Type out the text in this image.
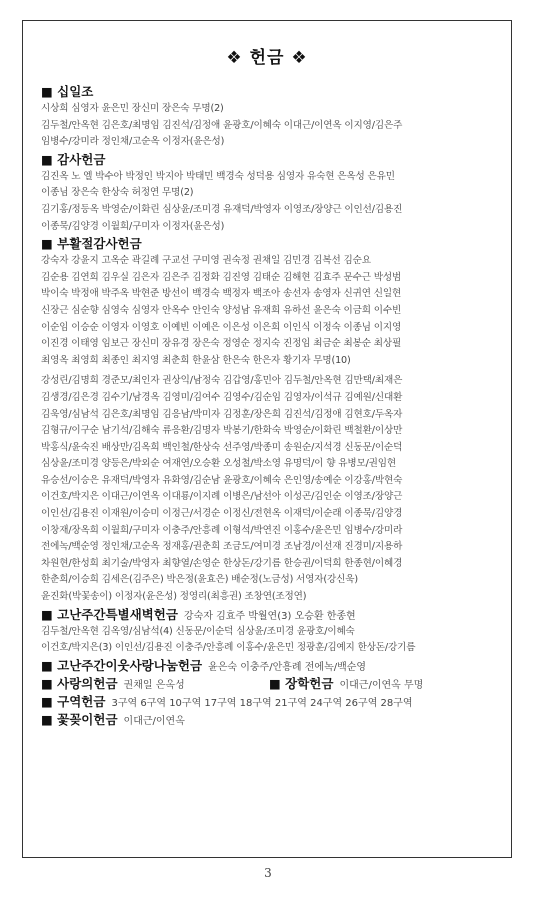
❖ 헌금 ❖
■ 십일조
시상희 심영자 윤은민 장신미 장은숙 무명(2)
김두철/안옥현 김은호/최명임 김진석/김정애 윤광호/이혜숙 이대근/이연옥 이지영/김은주
임병수/강미라 정인채/고순옥 이정자(윤은성)
■ 감사헌금
김진옥 노 엘 박수아 박정인 박지아 박태민 백경숙 성덕용 심영자 유숙현 은옥성 은유민
이종님 장은숙 한상숙 허정연 무명(2)
김기홍/정등옥 박영순/이화린 심상윤/조미경 유재덕/박영자 이영조/장양근 이인선/김용진
이종묵/김양경 이월희/구미자 이정자(윤은성)
■ 부활절감사헌금
강숙자 강윤지 고옥순 곽길례 구교선 구미영 권숙정 권채일 김민경 김복선 김순요
김순용 김연희 김우실 김은자 김은주 김정화 김진영 김태순 김해현 김효주 문수근 박성범
박이숙 박정애 박주옥 박현준 방선이 백경숙 백정자 백조아 송선자 송영자 신귀연 신일현
신장근 심순향 심영숙 심영자 안옥수 안인숙 양성남 유재희 유하선 윤은숙 이금희 이수빈
이순임 이승순 이영자 이영호 이예빈 이예은 이은성 이은희 이인식 이정숙 이종님 이지영
이진경 이태영 임보근 장신미 장유경 장은숙 정영순 정지숙 진정임 최금순 최봉순 최상필
최영옥 최영희 최종인 최지영 최춘희 한윤삼 한은숙 한은자 황기자 무명(10)
강성린/김명희 경준모/최인자 권상익/남정숙 김갑영/홍민아 김두철/안옥현 김만택/최재은
김생경/김은경 김수기/남경옥 김영미/김여수 김영수/김순임 김영자/이석규 김예원/신대환
김욱영/심남석 김은호/최명임 김응남/박미자 김정훈/장은희 김진석/김정애 김현호/두옥자
김형규/이구순 남기석/김해숙 류응환/김명자 박봉기/한화숙 박영순/이화린 백철환/이상만
박홍식/윤숙진 배상만/김옥희 백인철/한상숙 선주영/박종미 송원순/지석경 신동문/이순덕
심상윤/조미경 양등은/박외순 여재연/오승환 오성철/박소영 유명덕/이 향 유병모/권임현
유승선/이승은 유재덕/박영자 유화영/김순남 윤광호/이혜숙 은인영/송예순 이강홍/박현숙
이건호/박지은 이대근/이연옥 이대룡/이지례 이병은/남선아 이성곤/김인순 이영조/장양근
이인선/김용진 이재원/이승미 이정근/서경순 이정신/전현옥 이재덕/이순래 이종묵/김양경
이창재/장옥희 이월희/구미자 이충주/안흥례 이형석/박연진 이홍수/윤은민 임병수/강미라
전에녹/백순영 정인채/고순옥 정재홍/권춘희 조금도/여미경 조남경/이선재 진경미/지용하
차원현/한성희 최기술/박영자 최향열/손영순 한상돈/강기름 한승권/이덕희 한종현/이혜경
한춘희/이승희 김세은(김주은) 박은정(윤효은) 배순정(노금성) 서영자(강신욱)
윤진화(박꽃송이) 이정자(윤은성) 정영리(최흥권) 조창연(조정연)
■ 고난주간특별새벽헌금 강숙자 김효주 박월연(3) 오승환 한종현
김두철/안옥현 김옥영/심남석(4) 신동문/이순덕 심상윤/조미경 윤광호/이혜숙
이건호/박지은(3) 이인선/김용진 이충주/안흥례 이홍수/윤은민 정광훈/김예지 한상돈/강기름
■ 고난주간이웃사랑나눔헌금 윤은숙 이충주/안흥례 전에녹/백순영
■ 사랑의헌금 권채일 은옥성	■ 장학헌금 이대근/이연옥 무명
■ 구역헌금 3구역 6구역 10구역 17구역 18구역 21구역 24구역 26구역 28구역
■ 꽃꽂이헌금 이대근/이연옥
3
